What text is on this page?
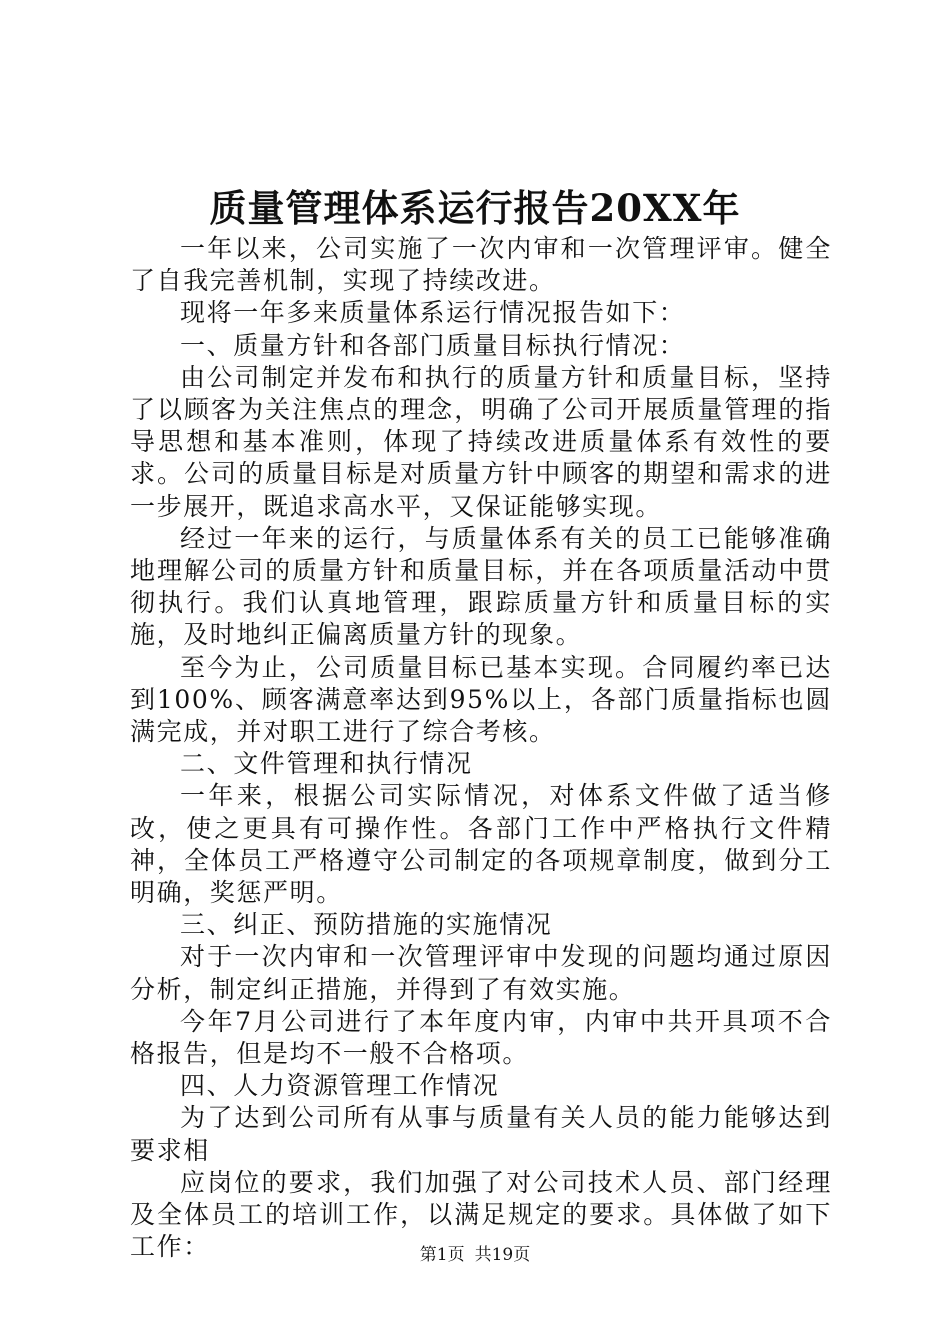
质量管理体系运行报告20XX年

一年以来，公司实施了一次内审和一次管理评审。健全了自我完善机制，实现了持续改进。

现将一年多来质量体系运行情况报告如下：

一、质量方针和各部门质量目标执行情况：

由公司制定并发布和执行的质量方针和质量目标，坚持了以顾客为关注焦点的理念，明确了公司开展质量管理的指导思想和基本准则，体现了持续改进质量体系有效性的要求。公司的质量目标是对质量方针中顾客的期望和需求的进一步展开，既追求高水平，又保证能够实现。

经过一年来的运行，与质量体系有关的员工已能够准确地理解公司的质量方针和质量目标，并在各项质量活动中贯彻执行。我们认真地管理，跟踪质量方针和质量目标的实施，及时地纠正偏离质量方针的现象。

至今为止，公司质量目标已基本实现。合同履约率已达到100%、顾客满意率达到95%以上，各部门质量指标也圆满完成，并对职工进行了综合考核。

二、文件管理和执行情况

一年来，根据公司实际情况，对体系文件做了适当修改，使之更具有可操作性。各部门工作中严格执行文件精神，全体员工严格遵守公司制定的各项规章制度，做到分工明确，奖惩严明。

三、纠正、预防措施的实施情况

对于一次内审和一次管理评审中发现的问题均通过原因分析，制定纠正措施，并得到了有效实施。

今年7月公司进行了本年度内审，内审中共开具项不合格报告，但是均不一般不合格项。

四、人力资源管理工作情况

为了达到公司所有从事与质量有关人员的能力能够达到要求相

应岗位的要求，我们加强了对公司技术人员、部门经理及全体员工的培训工作，以满足规定的要求。具体做了如下工作：	第1页 共19页
